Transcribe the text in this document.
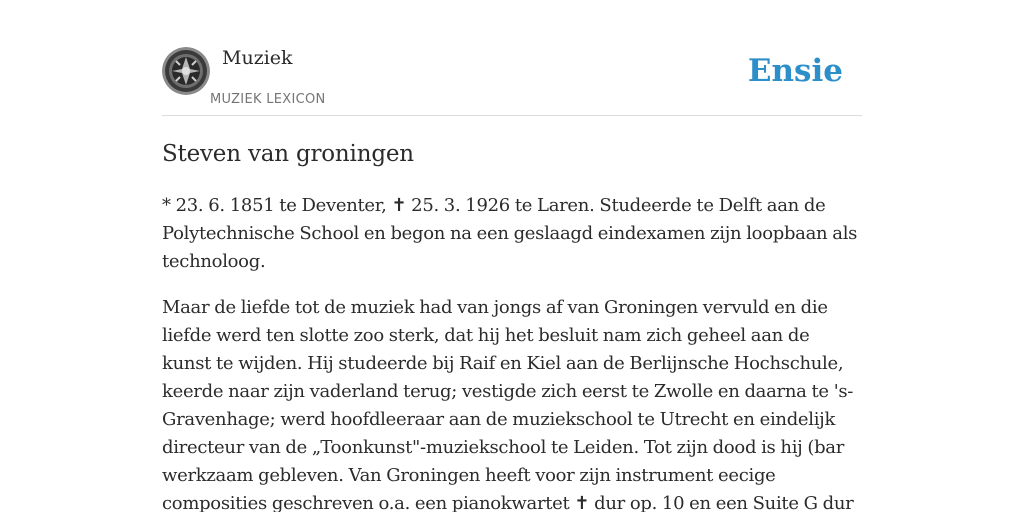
Muziek
MUZIEK LEXICON
Ensie
Steven van groningen

* 23. 6. 1851 te Deventer, ✝ 25. 3. 1926 te Laren. Studeerde te Delft aan de Polytechnische School en begon na een geslaagd eindexamen zijn loopbaan als technoloog.

Maar de liefde tot de muziek had van jongs af van Groningen vervuld en die liefde werd ten slotte zoo sterk, dat hij het besluit nam zich geheel aan de kunst te wijden. Hij studeerde bij Raif en Kiel aan de Berlijnsche Hochschule, keerde naar zijn vaderland terug; vestigde zich eerst te Zwolle en daarna te 's-Gravenhage; werd hoofdleeraar aan de muziekschool te Utrecht en eindelijk directeur van de „Toonkunst"-muziekschool te Leiden. Tot zijn dood is hij (bar werkzaam gebleven. Van Groningen heeft voor zijn instrument eecige composities geschreven o.a. een pianokwartet ✝ dur op. 10 en een Suite G dur
